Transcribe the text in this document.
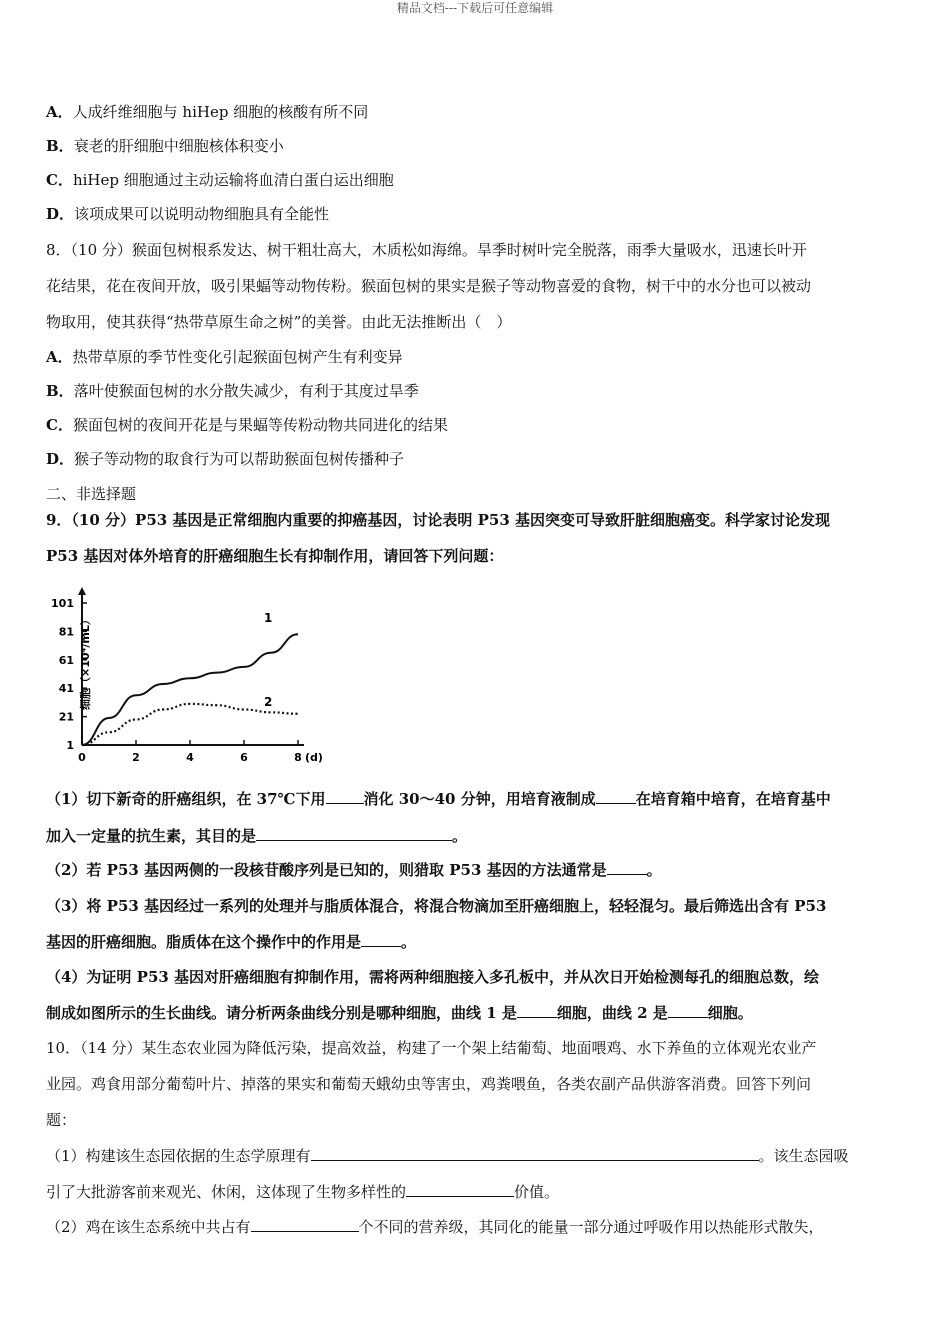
精品文档---下载后可任意编辑
A．人成纤维细胞与 hiHep 细胞的核酸有所不同
B．衰老的肝细胞中细胞核体积变小
C．hiHep 细胞通过主动运输将血清白蛋白运出细胞
D．该项成果可以说明动物细胞具有全能性
8．（10 分）猴面包树根系发达、树干粗壮高大，木质松如海绵。旱季时树叶完全脱落，雨季大量吸水，迅速长叶开
花结果，花在夜间开放，吸引果蝠等动物传粉。猴面包树的果实是猴子等动物喜爱的食物，树干中的水分也可以被动
物取用，使其获得“热带草原生命之树”的美誉。由此无法推断出（　）
A．热带草原的季节性变化引起猴面包树产生有利变异
B．落叶使猴面包树的水分散失减少，有利于其度过旱季
C．猴面包树的夜间开花是与果蝠等传粉动物共同进化的结果
D．猴子等动物的取食行为可以帮助猴面包树传播种子
二、非选择题
9．（10 分）P53 基因是正常细胞内重要的抑癌基因，讨论表明 P53 基因突变可导致肝脏细胞癌变。科学家讨论发现
P53 基因对体外培育的肝癌细胞生长有抑制作用，请回答下列问题：
1
21
41
61
81
101
0	2	4	6	8 (d)
1
2
细胞（×10⁴/mL）
（1）切下新奇的肝癌组织，在 37℃下用	消化 30～40 分钟，用培育液制成	在培育箱中培育，在培育基中
加入一定量的抗生素，其目的是	。
（2）若 P53 基因两侧的一段核苷酸序列是已知的，则猎取 P53 基因的方法通常是	。
（3）将 P53 基因经过一系列的处理并与脂质体混合，将混合物滴加至肝癌细胞上，轻轻混匀。最后筛选出含有 P53
基因的肝癌细胞。脂质体在这个操作中的作用是	。
（4）为证明 P53 基因对肝癌细胞有抑制作用，需将两种细胞接入多孔板中，并从次日开始检测每孔的细胞总数，绘
制成如图所示的生长曲线。请分析两条曲线分别是哪种细胞，曲线 1 是	细胞，曲线 2 是	细胞。
10．（14 分）某生态农业园为降低污染，提高效益，构建了一个架上结葡萄、地面喂鸡、水下养鱼的立体观光农业产
业园。鸡食用部分葡萄叶片、掉落的果实和葡萄天蛾幼虫等害虫，鸡粪喂鱼，各类农副产品供游客消费。回答下列问
题：
（1）构建该生态园依据的生态学原理有	。该生态园吸
引了大批游客前来观光、休闲，这体现了生物多样性的	价值。
（2）鸡在该生态系统中共占有	个不同的营养级，其同化的能量一部分通过呼吸作用以热能形式散失，
